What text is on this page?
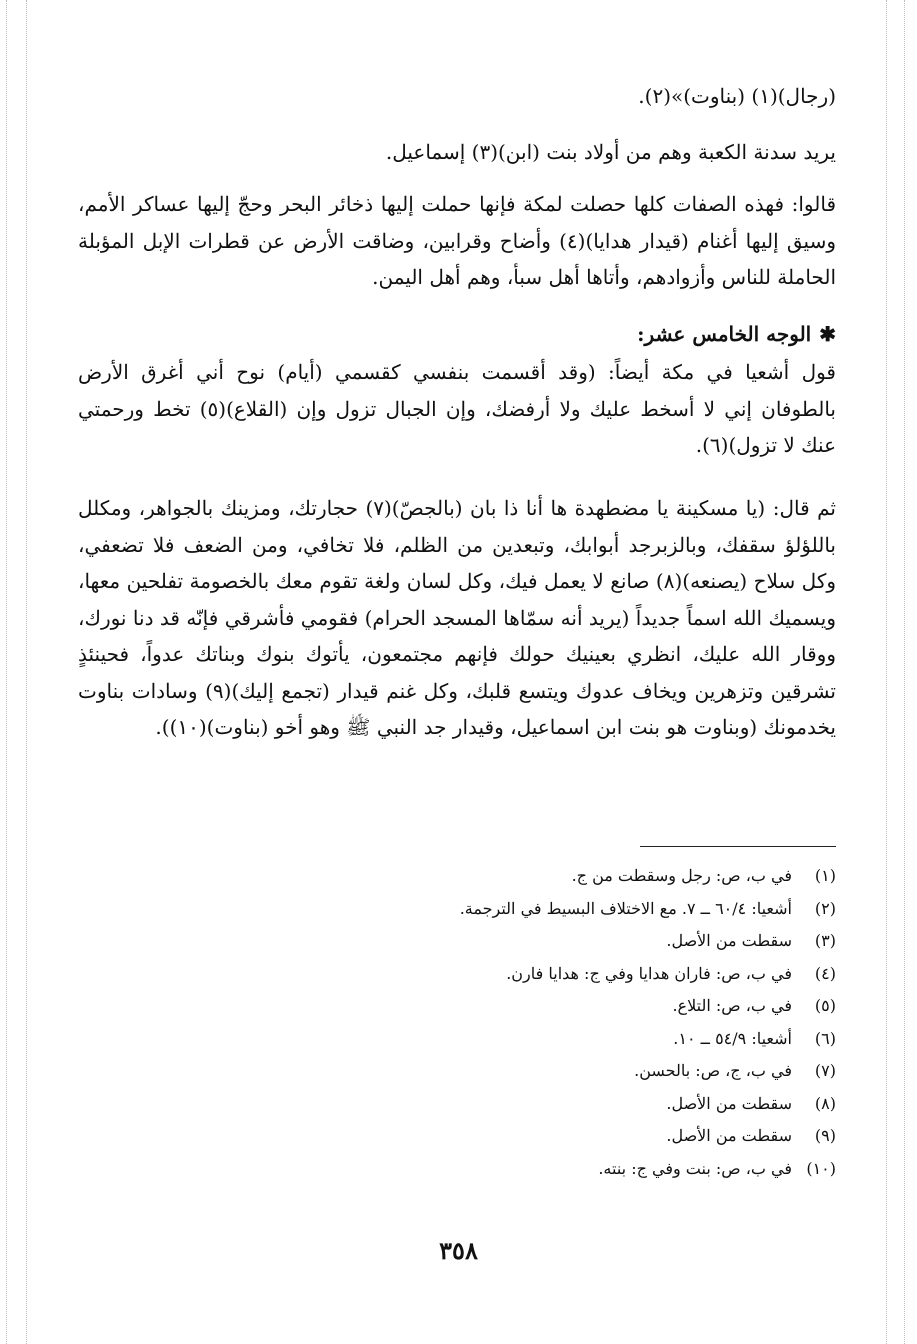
(رجال)(١) (بناوت)»(٢).
يريد سدنة الكعبة وهم من أولاد بنت (ابن)(٣) إسماعيل.
قالوا: فهذه الصفات كلها حصلت لمكة فإنها حملت إليها ذخائر البحر وحجّ إليها عساكر الأمم، وسيق إليها أغنام (قيدار هدايا)(٤) وأضاح وقرابين، وضاقت الأرض عن قطرات الإبل المؤبلة الحاملة للناس وأزوادهم، وأتاها أهل سبأ، وهم أهل اليمن.
✱الوجه الخامس عشر:
قول أشعيا في مكة أيضاً: (وقد أقسمت بنفسي كقسمي (أيام) نوح أني أغرق الأرض بالطوفان إني لا أسخط عليك ولا أرفضك، وإن الجبال تزول وإن (القلاع)(٥) تخط ورحمتي عنك لا تزول)(٦).
ثم قال: (يا مسكينة يا مضطهدة ها أنا ذا بان (بالجصّ)(٧) حجارتك، ومزينك بالجواهر، ومكلل باللؤلؤ سقفك، وبالزبرجد أبوابك، وتبعدين من الظلم، فلا تخافي، ومن الضعف فلا تضعفي، وكل سلاح (يصنعه)(٨) صانع لا يعمل فيك، وكل لسان ولغة تقوم معك بالخصومة تفلحين معها، ويسميك الله اسماً جديداً (يريد أنه سمّاها المسجد الحرام) فقومي فأشرقي فإنّه قد دنا نورك، ووقار الله عليك، انظري بعينيك حولك فإنهم مجتمعون، يأتوك بنوك وبناتك عدواً، فحينئذٍ تشرقين وتزهرين ويخاف عدوك ويتسع قلبك، وكل غنم قيدار (تجمع إليك)(٩) وسادات بناوت يخدمونك (وبناوت هو بنت ابن اسماعيل، وقيدار جد النبي ﷺ وهو أخو (بناوت)(١٠)).
(١)في ب، ص: رجل وسقطت من ج.
(٢)أشعيا: ٦٠/٤ ــ ٧. مع الاختلاف البسيط في الترجمة.
(٣)سقطت من الأصل.
(٤)في ب، ص: فاران هدايا وفي ج: هدايا فارن.
(٥)في ب، ص: التلاع.
(٦)أشعيا: ٥٤/٩ ــ ١٠.
(٧)في ب، ج، ص: بالحسن.
(٨)سقطت من الأصل.
(٩)سقطت من الأصل.
(١٠)في ب، ص: بنت وفي ج: بنته.
٣٥٨
